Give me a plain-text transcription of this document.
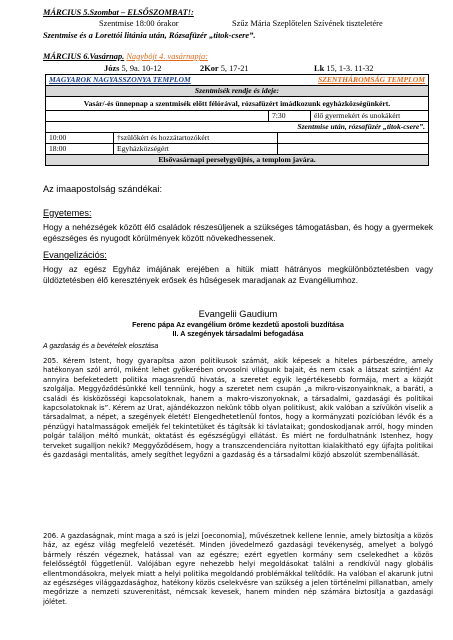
MÁRCIUS 5.Szombat – ELSŐSZOMBAT!:
Szentmise 18:00 órakor	Szűz Mária Szeplőtelen Szívének tiszteletére
Szentmise és a Lorettói litánia után, Rózsafüzér „titok-csere”.
MÁRCIUS 6.Vasárnap. Nagyböjt 4. vasárnapja:
Józs 5, 9a. 10-12	2Kor 5, 17-21	Lk 15, 1-3. 11-32
MAGYAROK NAGYASSZONYA TEMPLOM	SZENTHÁROMSÁG TEMPLOM
Szentmisék rendje és ideje:
Vasár/-és ünnepnap a szentmisék előtt félórával, rózsafüzért imádkozunk egyházközségünkért.

7:30	élő gyermekért és unokákért

Szentmise után, rózsafüzér „titok-csere”.

10:00	†szülőkért és hozzátartozókért

18:00	Egyházközségért

Elsővasárnapi perselygyűjtés, a templom javára.
Az imaapostolság szándékai:
Egyetemes:
Hogy a nehézségek között élő családok részesüljenek a szükséges támogatásban, és hogy a gyermekek egészséges és nyugodt körülmények között növekedhessenek.
Evangelizációs:
Hogy az egész Egyház imájának erejében a hitük miatt hátrányos megkülönböztetésben vagy üldöztetésben élő keresztények erősek és hűségesek maradjanak az Evangéliumhoz.
Evangelii Gaudium
Ferenc pápa Az evangélium öröme kezdetű apostoli buzdítása
II. A szegények társadalmi befogadása
A gazdaság és a bevételek elosztása
205. Kérem Istent, hogy gyarapítsa azon politikusok számát, akik képesek a hiteles párbeszédre, amely hatékonyan szól arról, miként lehet gyökerében orvosolni világunk bajait, és nem csak a látszat szintjén! Az annyira befeketedett politika magasrendű hivatás, a szeretet egyik legértékesebb formája, mert a közjót szolgálja. Meggyőződésünkké kell tennünk, hogy a szeretet nem csupán „a mikro-viszonyainknak, a baráti, a családi és kisközösségi kapcsolatoknak, hanem a makro-viszonyoknak, a társadalmi, gazdasági és politikai kapcsolatoknak is”. Kérem az Urat, ajándékozzon nekünk több olyan politikust, akik valóban a szívükön viselik a társadalmat, a népet, a szegények életét! Elengedhetetlenül fontos, hogy a kormányzati pozícióban lévők és a pénzügyi hatalmasságok emeljék fel tekintetüket és tágítsák ki távlataikat; gondoskodjanak arról, hogy minden polgár találjon méltó munkát, oktatást és egészségügyi ellátást. És miért ne fordulhatnánk Istenhez, hogy terveket sugalljon nekik? Meggyőződésem, hogy a transzcendenciára nyitottan kialakítható egy újfajta politikai és gazdasági mentalitás, amely segíthet legyőzni a gazdaság és a társadalmi közjó abszolút szembenállását.
206. A gazdaságnak, mint maga a szó is jelzi [oeconomia], művészetnek kellene lennie, amely biztosítja a közös ház, az egész világ megfelelő vezetését. Minden jövedelmező gazdasági tevékenység, amelyet a bolygó bármely részén végeznek, hatással van az egészre; ezért egyetlen kormány sem cselekedhet a közös felelősségtől függetlenül. Valójában egyre nehezebb helyi megoldásokat találni a rendkívül nagy globális ellentmondásokra, melyek miatt a helyi politika megoldandó problémákkal telítődik. Ha valóban el akarunk jutni az egészséges világgazdasághoz, hatékony közös cselekvésre van szükség a jelen történelmi pillanatban, amely megőrizze a nemzeti szuverenitást, némcsak kevesek, hanem minden nép számára biztosítja a gazdasági jólétet.
